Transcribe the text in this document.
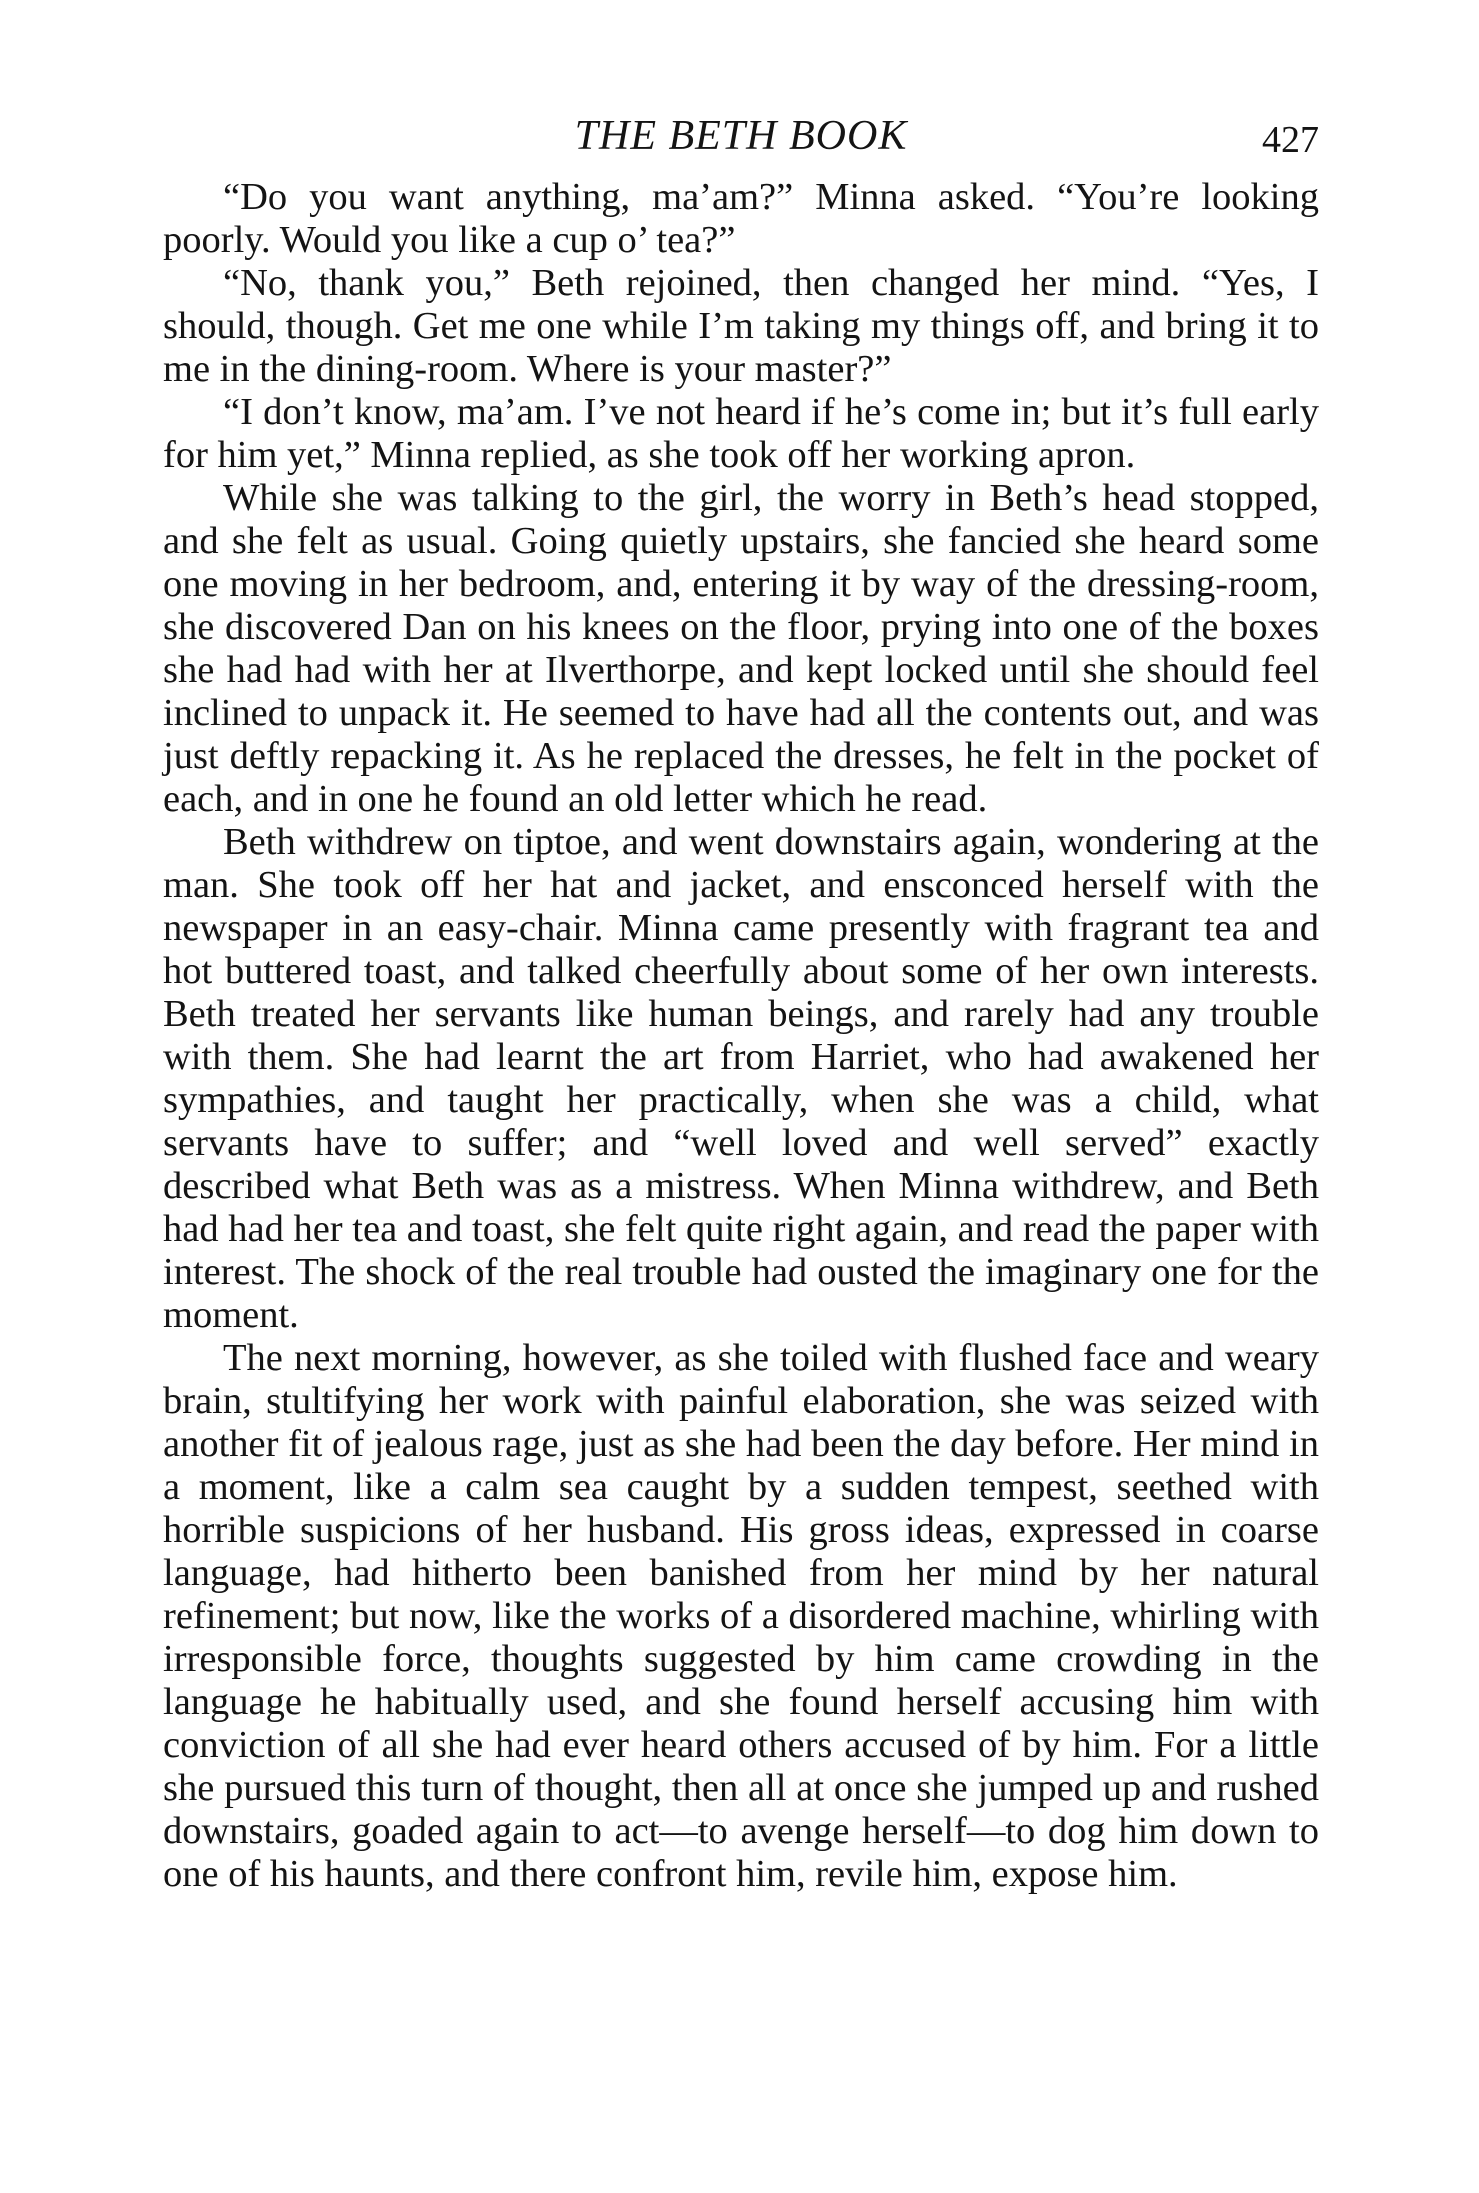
THE BETH BOOK	427

“Do you want anything, ma’am?” Minna asked. “You’re looking poorly. Would you like a cup o’ tea?”

“No, thank you,” Beth rejoined, then changed her mind. “Yes, I should, though. Get me one while I’m taking my things off, and bring it to me in the dining-room. Where is your master?”

“I don’t know, ma’am. I’ve not heard if he’s come in; but it’s full early for him yet,” Minna replied, as she took off her working apron.

While she was talking to the girl, the worry in Beth’s head stopped, and she felt as usual. Going quietly upstairs, she fancied she heard some one moving in her bedroom, and, entering it by way of the dressing-room, she discovered Dan on his knees on the floor, prying into one of the boxes she had had with her at Ilverthorpe, and kept locked until she should feel inclined to unpack it. He seemed to have had all the contents out, and was just deftly repacking it. As he replaced the dresses, he felt in the pocket of each, and in one he found an old letter which he read.

Beth withdrew on tiptoe, and went downstairs again, wondering at the man. She took off her hat and jacket, and ensconced herself with the newspaper in an easy-chair. Minna came presently with fragrant tea and hot buttered toast, and talked cheerfully about some of her own interests. Beth treated her servants like human beings, and rarely had any trouble with them. She had learnt the art from Harriet, who had awakened her sympathies, and taught her practically, when she was a child, what servants have to suffer; and “well loved and well served” exactly described what Beth was as a mistress. When Minna withdrew, and Beth had had her tea and toast, she felt quite right again, and read the paper with interest. The shock of the real trouble had ousted the imaginary one for the moment.

The next morning, however, as she toiled with flushed face and weary brain, stultifying her work with painful elaboration, she was seized with another fit of jealous rage, just as she had been the day before. Her mind in a moment, like a calm sea caught by a sudden tempest, seethed with horrible suspicions of her husband. His gross ideas, expressed in coarse language, had hitherto been banished from her mind by her natural refinement; but now, like the works of a disordered machine, whirling with irresponsible force, thoughts suggested by him came crowding in the language he habitually used, and she found herself accusing him with conviction of all she had ever heard others accused of by him. For a little she pursued this turn of thought, then all at once she jumped up and rushed downstairs, goaded again to act—to avenge herself—to dog him down to one of his haunts, and there confront him, revile him, expose him.
